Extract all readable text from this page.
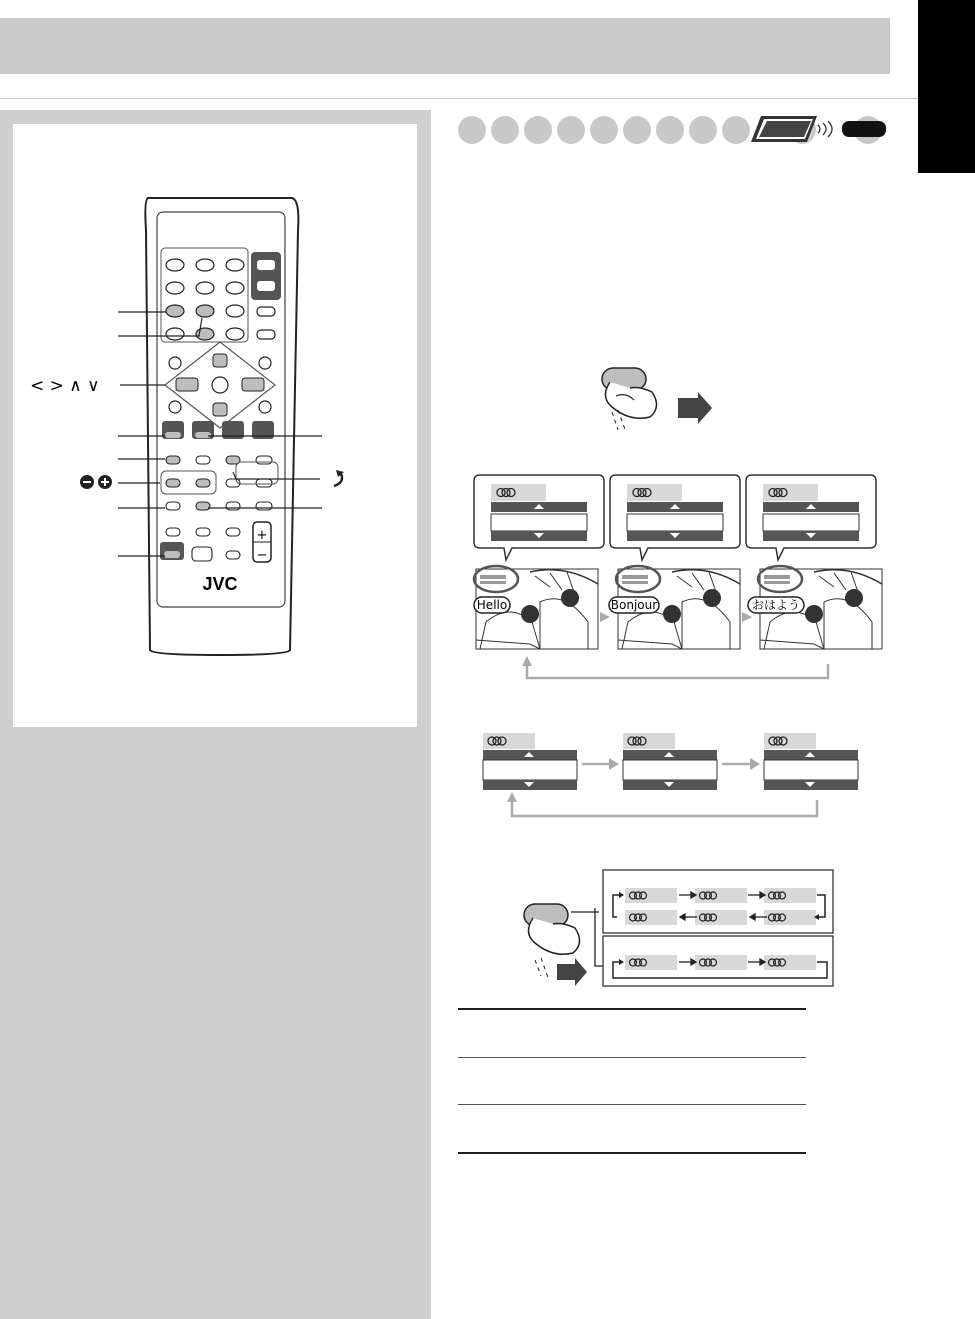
+
−
JVC
< > ∧ ∨
Hello	Bonjour	おはよう
